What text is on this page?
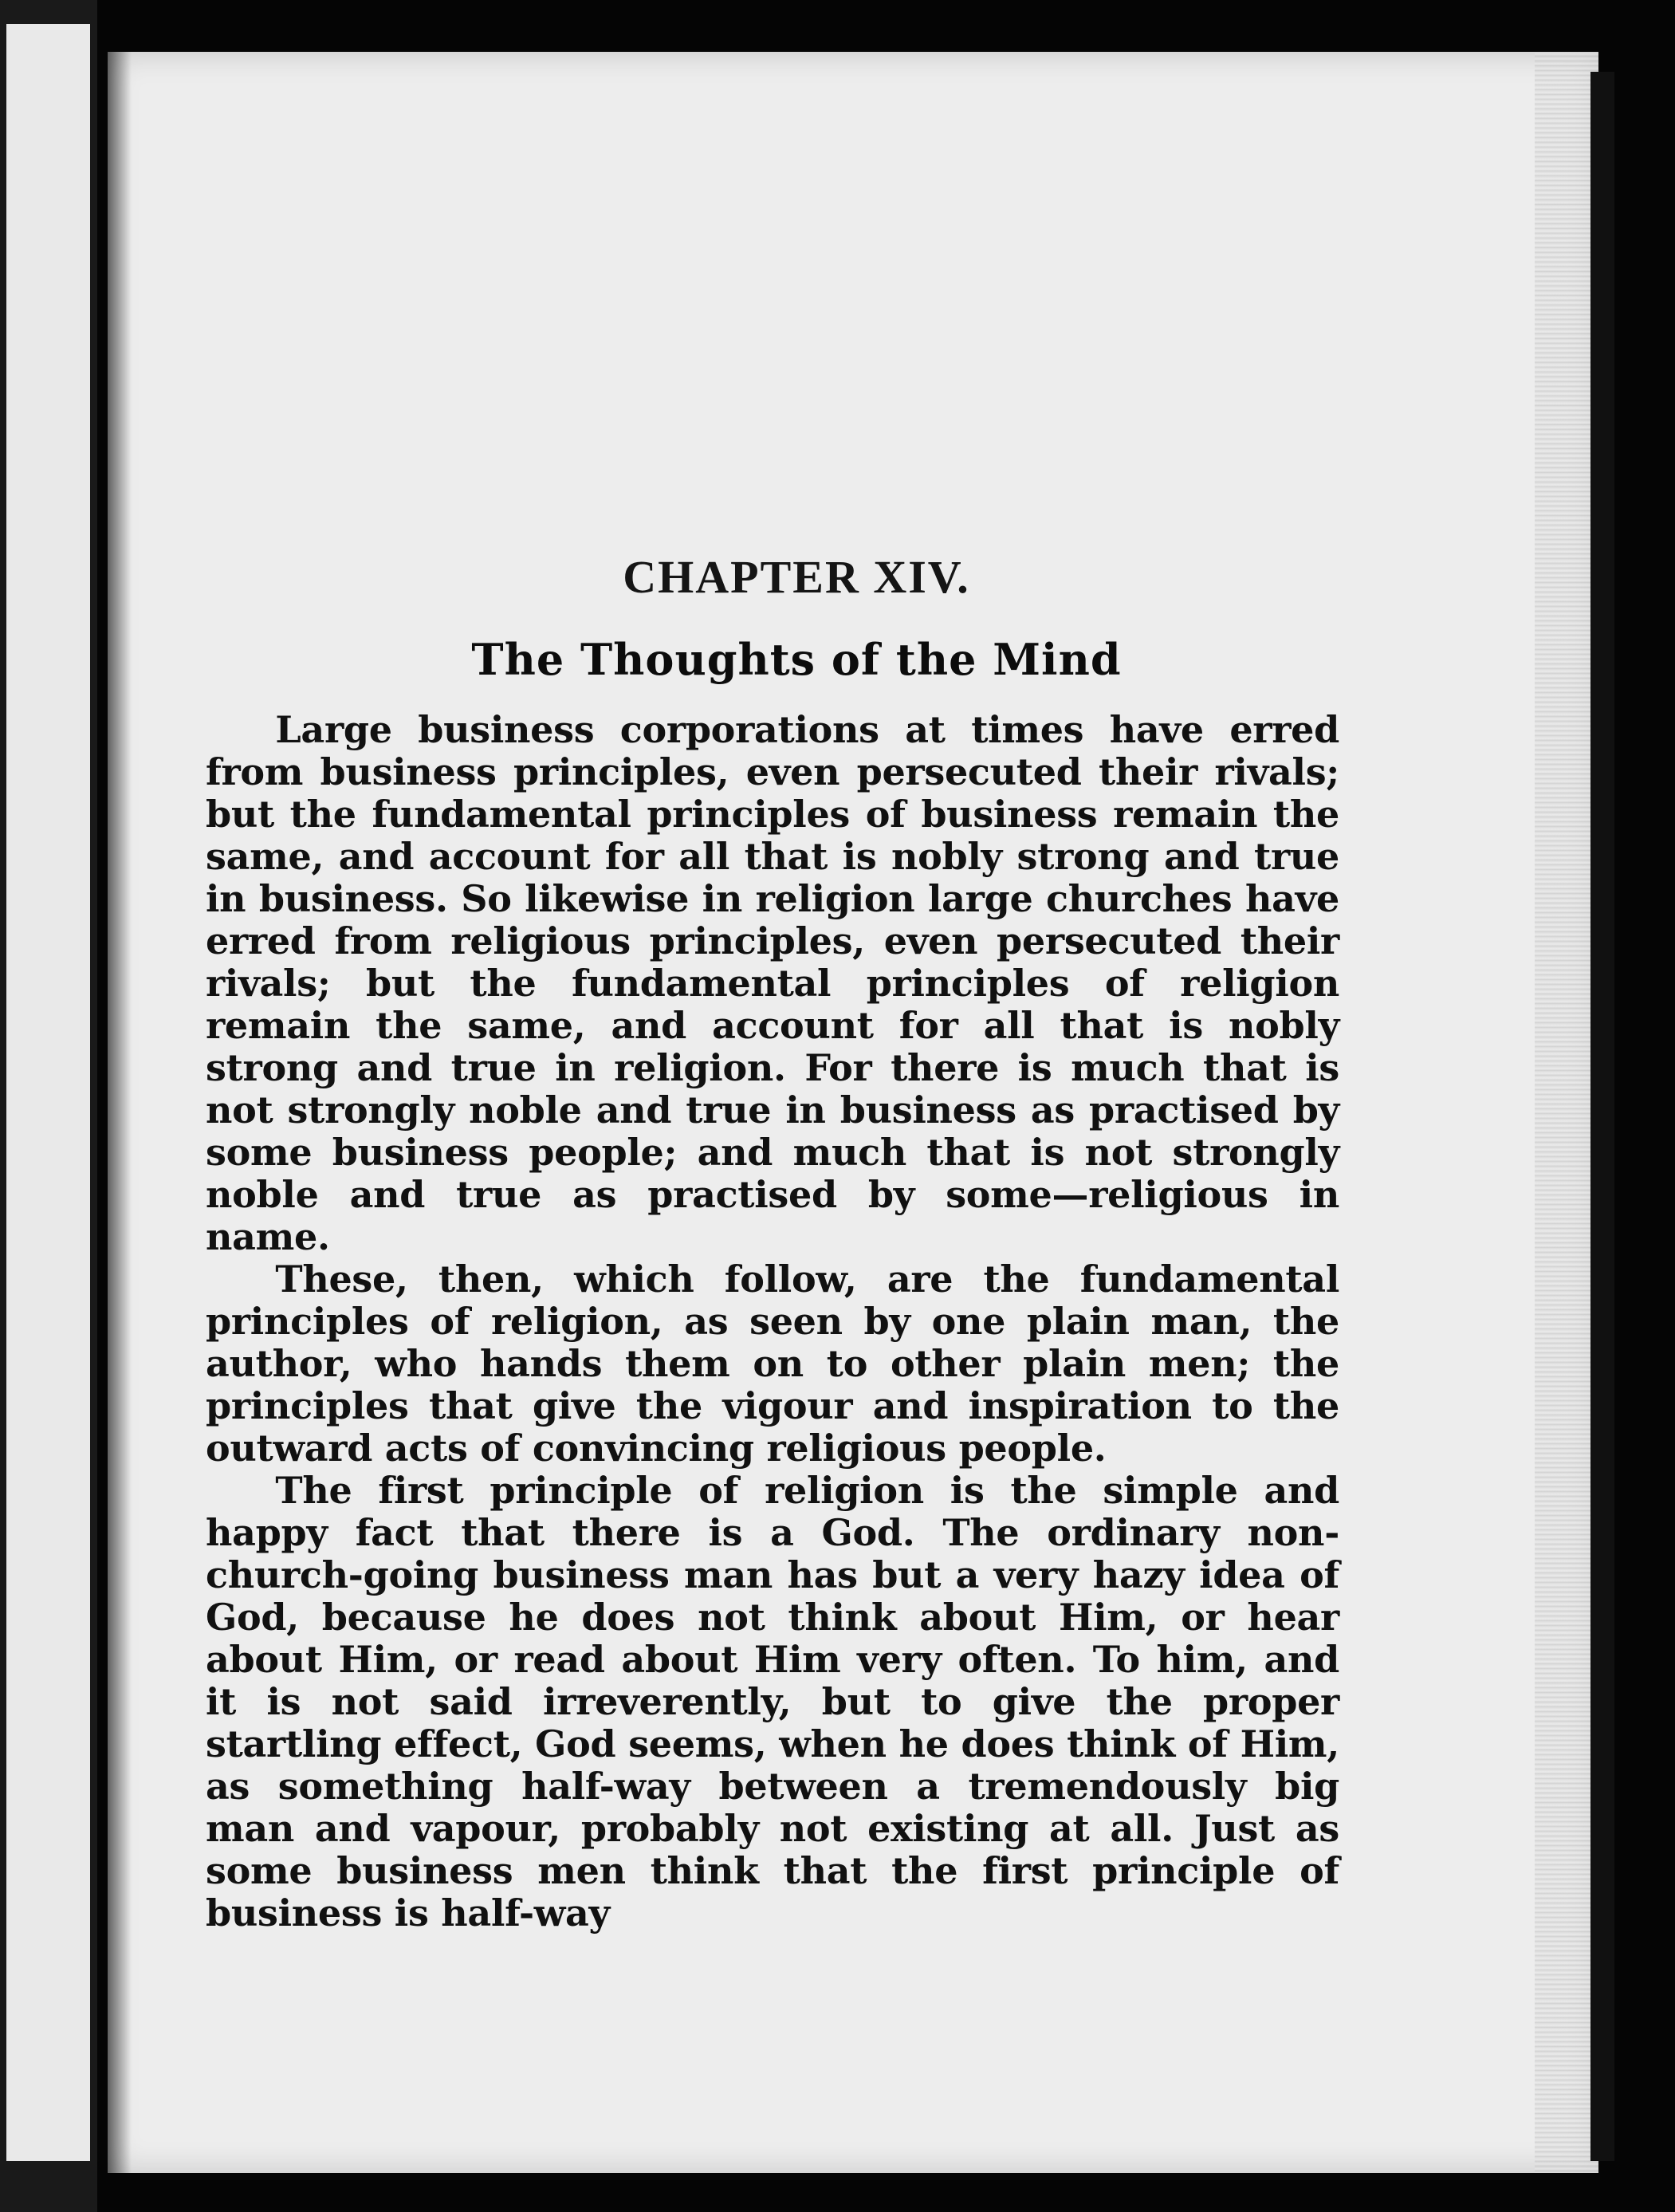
CHAPTER XIV.
The Thoughts of the Mind

Large business corporations at times have erred from business principles, even persecuted their rivals; but the fundamental principles of business remain the same, and account for all that is nobly strong and true in business. So likewise in religion large churches have erred from religious principles, even persecuted their rivals; but the fundamental principles of religion remain the same, and account for all that is nobly strong and true in religion. For there is much that is not strongly noble and true in business as practised by some business people; and much that is not strongly noble and true as practised by some—religious in name.

These, then, which follow, are the fundamental principles of religion, as seen by one plain man, the author, who hands them on to other plain men; the principles that give the vigour and inspiration to the outward acts of convincing religious people.

The first principle of religion is the simple and happy fact that there is a God. The ordinary non-church-going business man has but a very hazy idea of God, because he does not think about Him, or hear about Him, or read about Him very often. To him, and it is not said irreverently, but to give the proper startling effect, God seems, when he does think of Him, as something half-way between a tremendously big man and vapour, probably not existing at all. Just as some business men think that the first principle of business is half-way
